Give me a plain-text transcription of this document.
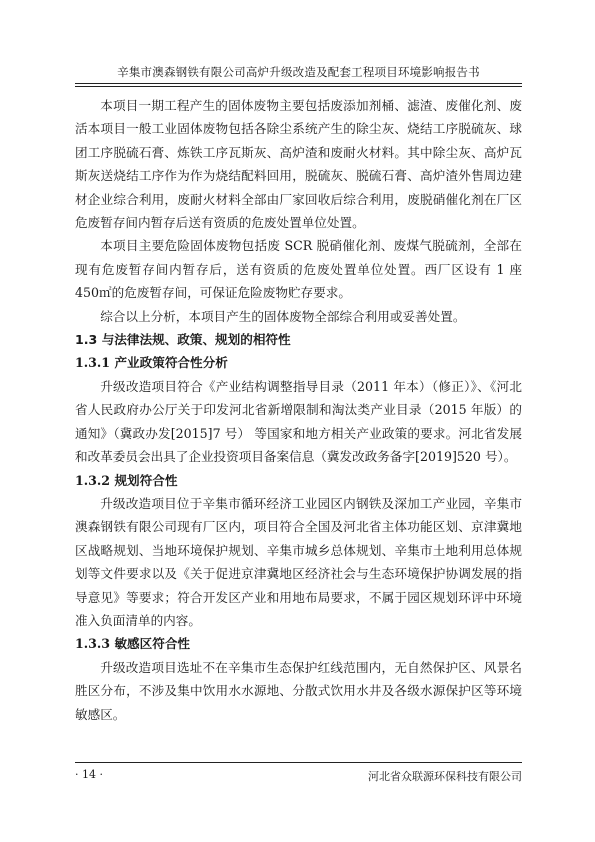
辛集市澳森钢铁有限公司高炉升级改造及配套工程项目环境影响报告书

本项目一期工程产生的固体废物主要包括废添加剂桶、滤渣、废催化剂、废活本项目一般工业固体废物包括各除尘系统产生的除尘灰、烧结工序脱硫灰、球团工序脱硫石膏、炼铁工序瓦斯灰、高炉渣和废耐火材料。其中除尘灰、高炉瓦斯灰送烧结工序作为作为烧结配料回用，脱硫灰、脱硫石膏、高炉渣外售周边建材企业综合利用，废耐火材料全部由厂家回收后综合利用，废脱硝催化剂在厂区危废暂存间内暂存后送有资质的危废处置单位处置。

本项目主要危险固体废物包括废 SCR 脱硝催化剂、废煤气脱硫剂，全部在现有危废暂存间内暂存后，送有资质的危废处置单位处置。西厂区设有 1 座 450㎡的危废暂存间，可保证危险废物贮存要求。

综合以上分析，本项目产生的固体废物全部综合利用或妥善处置。

1.3 与法律法规、政策、规划的相符性
1.3.1 产业政策符合性分析

升级改造项目符合《产业结构调整指导目录（2011 年本）（修正）》、《河北省人民政府办公厅关于印发河北省新增限制和淘汰类产业目录（2015 年版）的通知》（冀政办发[2015]7 号） 等国家和地方相关产业政策的要求。河北省发展和改革委员会出具了企业投资项目备案信息（冀发改政务备字[2019]520 号）。

1.3.2 规划符合性

升级改造项目位于辛集市循环经济工业园区内钢铁及深加工产业园，辛集市澳森钢铁有限公司现有厂区内，项目符合全国及河北省主体功能区划、京津冀地区战略规划、当地环境保护规划、辛集市城乡总体规划、辛集市土地利用总体规划等文件要求以及《关于促进京津冀地区经济社会与生态环境保护协调发展的指导意见》等要求；符合开发区产业和用地布局要求，不属于园区规划环评中环境准入负面清单的内容。

1.3.3 敏感区符合性

升级改造项目选址不在辛集市生态保护红线范围内，无自然保护区、风景名胜区分布，不涉及集中饮用水水源地、分散式饮用水井及各级水源保护区等环境敏感区。

· 14 ·	河北省众联源环保科技有限公司
